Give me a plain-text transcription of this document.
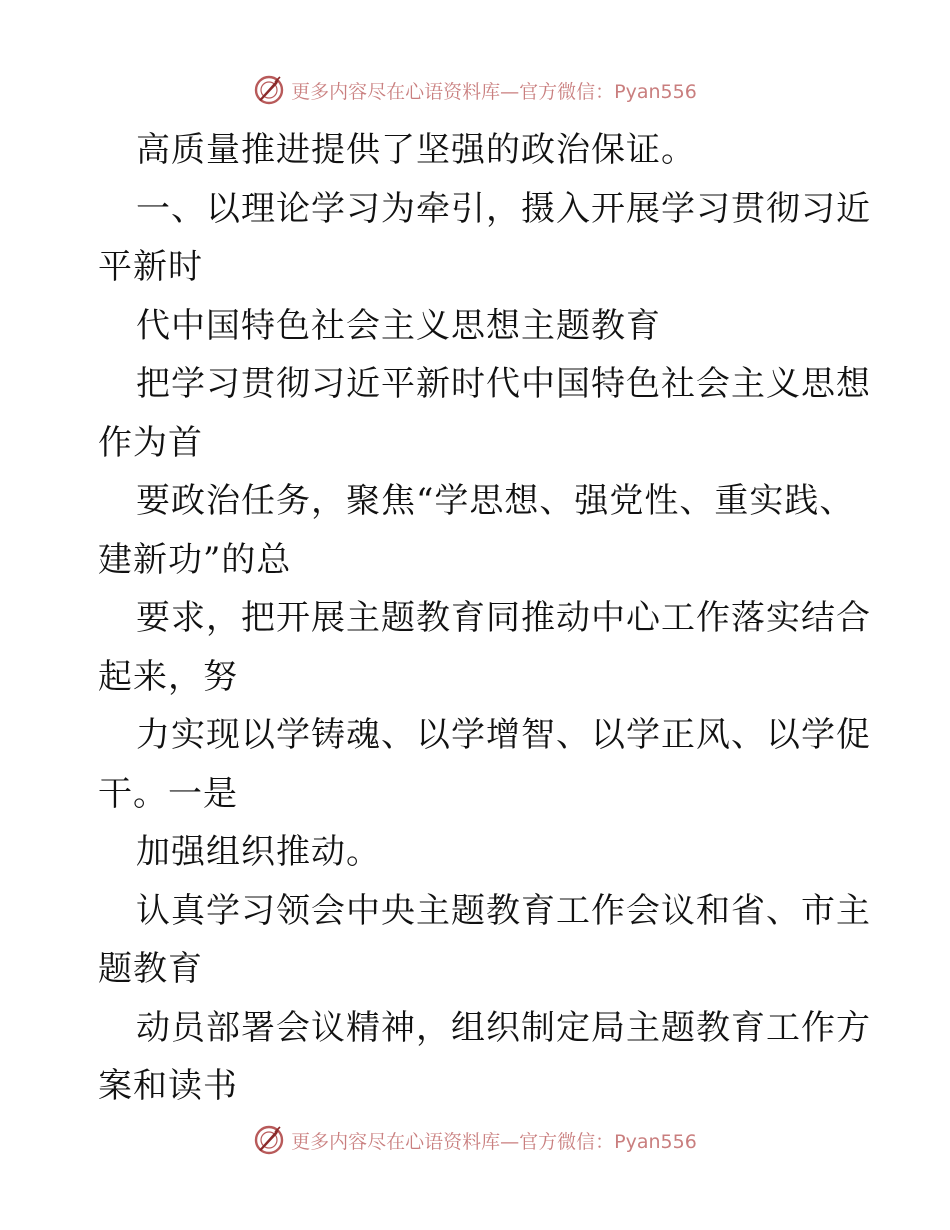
更多内容尽在心语资料库—官方微信：Pyan556
高质量推进提供了坚强的政治保证。
一、以理论学习为牵引，摄入开展学习贯彻习近
平新时
代中国特色社会主义思想主题教育
把学习贯彻习近平新时代中国特色社会主义思想
作为首
要政治任务，聚焦“学思想、强党性、重实践、
建新功”的总
要求，把开展主题教育同推动中心工作落实结合
起来，努
力实现以学铸魂、以学增智、以学正风、以学促
干。一是
加强组织推动。
认真学习领会中央主题教育工作会议和省、市主
题教育
动员部署会议精神，组织制定局主题教育工作方
案和读书
更多内容尽在心语资料库—官方微信：Pyan556
